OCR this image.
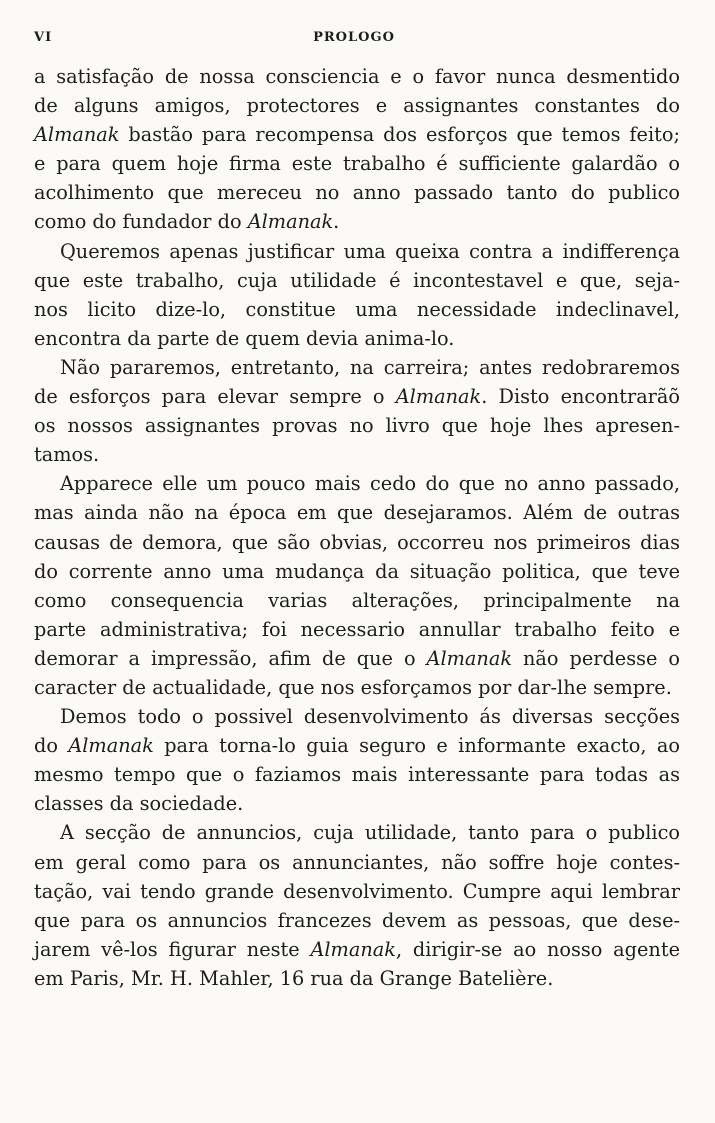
VI	PROLOGO
a satisfação de nossa consciencia e o favor nunca desmentido
de alguns amigos, protectores e assignantes constantes do
Almanak bastão para recompensa dos esforços que temos feito;
e para quem hoje firma este trabalho é sufficiente galardão o
acolhimento que mereceu no anno passado tanto do publico
como do fundador do Almanak.
Queremos apenas justificar uma queixa contra a indifferença
que este trabalho, cuja utilidade é incontestavel e que, seja-
nos licito dize-lo, constitue uma necessidade indeclinavel,
encontra da parte de quem devia anima-lo.
Não pararemos, entretanto, na carreira; antes redobraremos
de esforços para elevar sempre o Almanak. Disto encontrarãõ
os nossos assignantes provas no livro que hoje lhes apresen-
tamos.
Apparece elle um pouco mais cedo do que no anno passado,
mas ainda não na época em que desejaramos. Além de outras
causas de demora, que são obvias, occorreu nos primeiros dias
do corrente anno uma mudança da situação politica, que teve
como consequencia varias alterações, principalmente na
parte administrativa; foi necessario annullar trabalho feito e
demorar a impressão, afim de que o Almanak não perdesse o
caracter de actualidade, que nos esforçamos por dar-lhe sempre.
Demos todo o possivel desenvolvimento ás diversas secções
do Almanak para torna-lo guia seguro e informante exacto, ao
mesmo tempo que o faziamos mais interessante para todas as
classes da sociedade.
A secção de annuncios, cuja utilidade, tanto para o publico
em geral como para os annunciantes, não soffre hoje contes-
tação, vai tendo grande desenvolvimento. Cumpre aqui lembrar
que para os annuncios francezes devem as pessoas, que dese-
jarem vê-los figurar neste Almanak, dirigir-se ao nosso agente
em Paris, Mr. H. Mahler, 16 rua da Grange Batelière.
